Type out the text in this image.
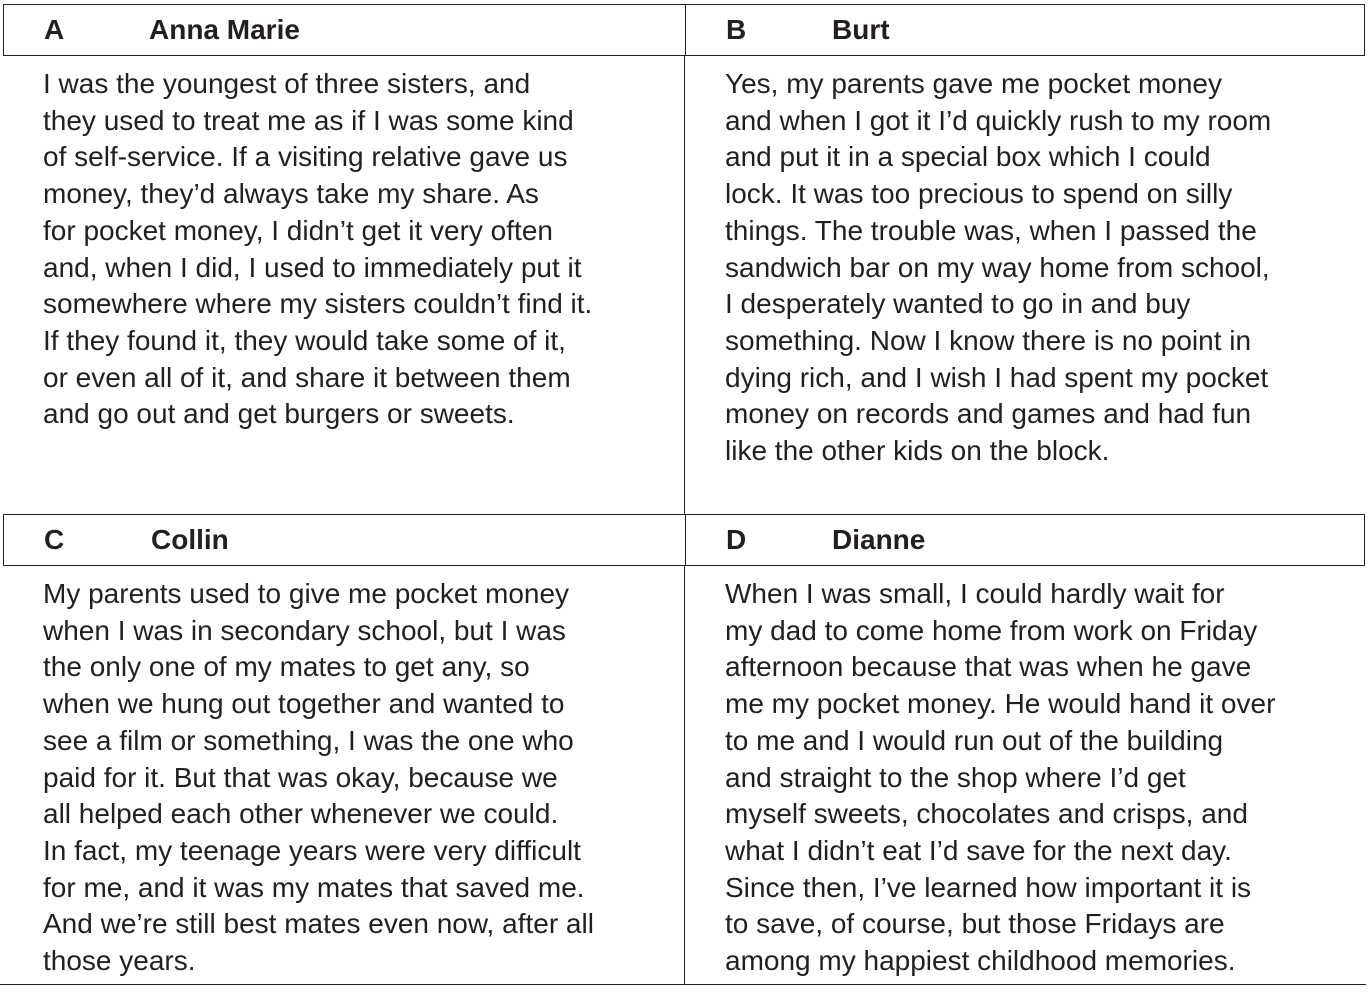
A	Anna Marie	B	Burt

I was the youngest of three sisters, and
they used to treat me as if I was some kind
of self-service. If a visiting relative gave us
money, they’d always take my share. As
for pocket money, I didn’t get it very often
and, when I did, I used to immediately put it
somewhere where my sisters couldn’t find it.
If they found it, they would take some of it,
or even all of it, and share it between them
and go out and get burgers or sweets.

Yes, my parents gave me pocket money
and when I got it I’d quickly rush to my room
and put it in a special box which I could
lock. It was too precious to spend on silly
things. The trouble was, when I passed the
sandwich bar on my way home from school,
I desperately wanted to go in and buy
something. Now I know there is no point in
dying rich, and I wish I had spent my pocket
money on records and games and had fun
like the other kids on the block.

C	Collin	D	Dianne

My parents used to give me pocket money
when I was in secondary school, but I was
the only one of my mates to get any, so
when we hung out together and wanted to
see a film or something, I was the one who
paid for it. But that was okay, because we
all helped each other whenever we could.
In fact, my teenage years were very difficult
for me, and it was my mates that saved me.
And we’re still best mates even now, after all
those years.

When I was small, I could hardly wait for
my dad to come home from work on Friday
afternoon because that was when he gave
me my pocket money. He would hand it over
to me and I would run out of the building
and straight to the shop where I’d get
myself sweets, chocolates and crisps, and
what I didn’t eat I’d save for the next day.
Since then, I’ve learned how important it is
to save, of course, but those Fridays are
among my happiest childhood memories.
